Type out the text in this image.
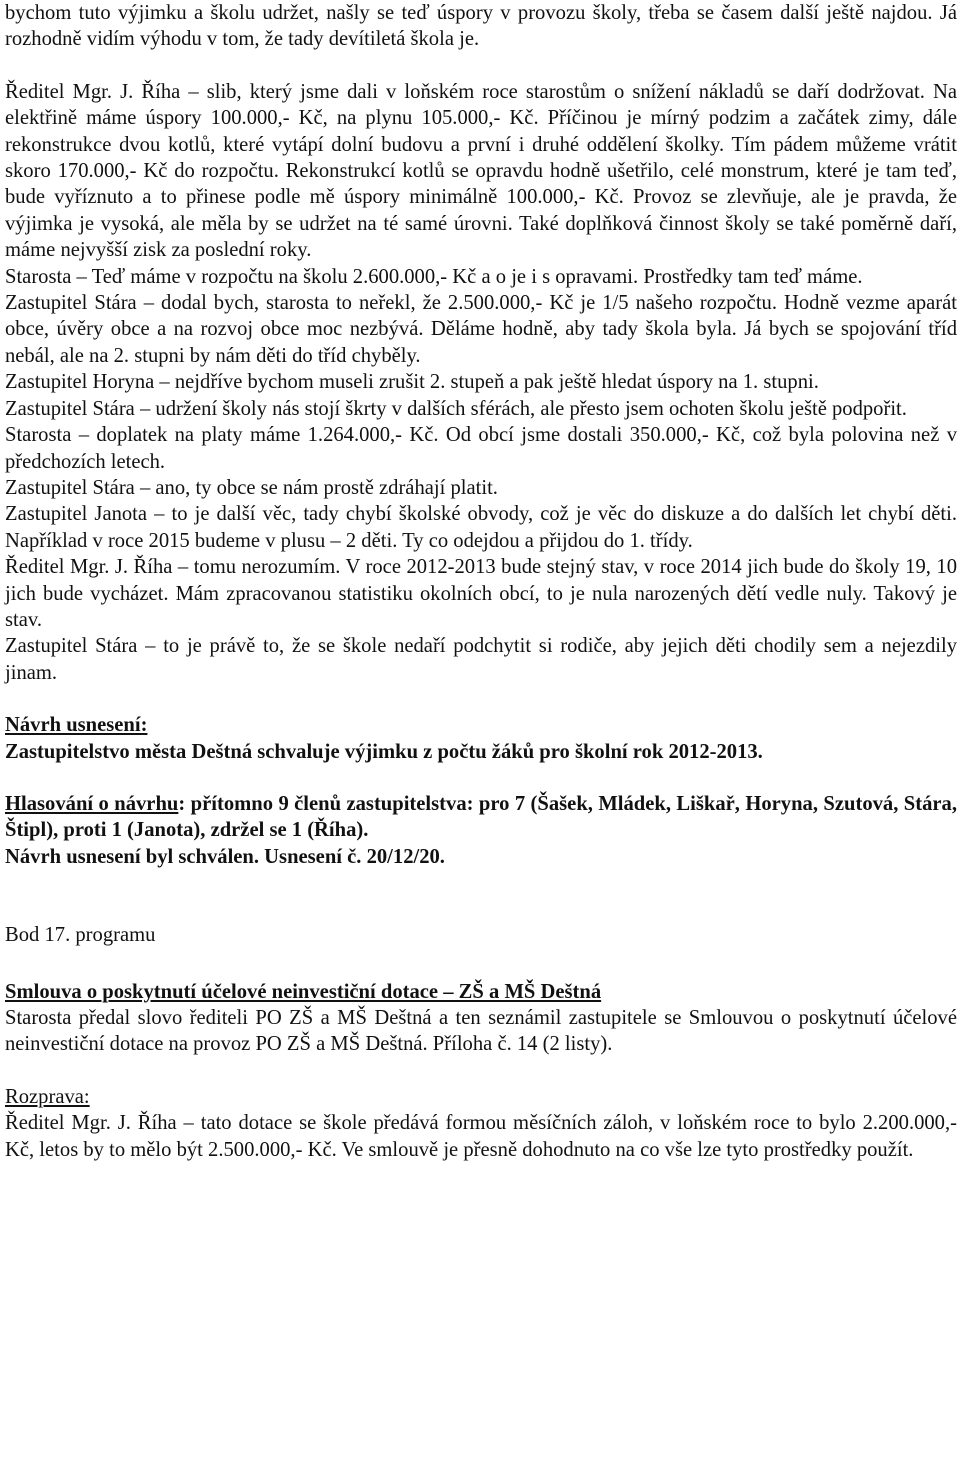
bychom tuto výjimku a školu udržet, našly se teď úspory v provozu školy, třeba se časem další ještě najdou. Já rozhodně vidím výhodu v tom, že tady devítiletá škola je.

Ředitel Mgr. J. Říha – slib, který jsme dali v loňském roce starostům o snížení nákladů se daří dodržovat. Na elektřině máme úspory 100.000,- Kč, na plynu 105.000,- Kč. Příčinou je mírný podzim a začátek zimy, dále rekonstrukce dvou kotlů, které vytápí dolní budovu a první i druhé oddělení školky. Tím pádem můžeme vrátit skoro 170.000,- Kč do rozpočtu. Rekonstrukcí kotlů se opravdu hodně ušetřilo, celé monstrum, které je tam teď, bude vyříznuto a to přinese podle mě úspory minimálně 100.000,- Kč. Provoz se zlevňuje, ale je pravda, že výjimka je vysoká, ale měla by se udržet na té samé úrovni. Také doplňková činnost školy se také poměrně daří, máme nejvyšší zisk za poslední roky.

Starosta – Teď máme v rozpočtu na školu 2.600.000,- Kč a o je i s opravami. Prostředky tam teď máme.

Zastupitel Stára – dodal bych, starosta to neřekl, že 2.500.000,- Kč je 1/5 našeho rozpočtu. Hodně vezme aparát obce, úvěry obce a na rozvoj obce moc nezbývá. Děláme hodně, aby tady škola byla. Já bych se spojování tříd nebál, ale na 2. stupni by nám děti do tříd chyběly.

Zastupitel Horyna – nejdříve bychom museli zrušit 2. stupeň a pak ještě hledat úspory na 1. stupni.

Zastupitel Stára – udržení školy nás stojí škrty v dalších sférách, ale přesto jsem ochoten školu ještě podpořit.

Starosta – doplatek na platy máme 1.264.000,- Kč. Od obcí jsme dostali 350.000,- Kč, což byla polovina než v předchozích letech.

Zastupitel Stára – ano, ty obce se nám prostě zdráhají platit.

Zastupitel Janota – to je další věc, tady chybí školské obvody, což je věc do diskuze a do dalších let chybí děti. Například v roce 2015 budeme v plusu – 2 děti. Ty co odejdou a přijdou do 1. třídy.

Ředitel Mgr. J. Říha – tomu nerozumím. V roce 2012-2013 bude stejný stav, v roce 2014 jich bude do školy 19, 10 jich bude vycházet. Mám zpracovanou statistiku okolních obcí, to je nula narozených dětí vedle nuly. Takový je stav.

Zastupitel Stára – to je právě to, že se škole nedaří podchytit si rodiče, aby jejich děti chodily sem a nejezdily jinam.

Návrh usnesení:

Zastupitelstvo města Deštná schvaluje výjimku z počtu žáků pro školní rok 2012-2013.

Hlasování o návrhu: přítomno 9 členů zastupitelstva: pro 7 (Šašek, Mládek, Liškař, Horyna, Szutová, Stára, Štipl), proti 1 (Janota), zdržel se 1 (Říha).

Návrh usnesení byl schválen. Usnesení č. 20/12/20.

Bod 17. programu

Smlouva o poskytnutí účelové neinvestiční dotace – ZŠ a MŠ Deštná

Starosta předal slovo řediteli PO ZŠ a MŠ Deštná a ten seznámil zastupitele se Smlouvou o poskytnutí účelové neinvestiční dotace na provoz PO ZŠ a MŠ Deštná. Příloha č. 14 (2 listy).

Rozprava:

Ředitel Mgr. J. Říha – tato dotace se škole předává formou měsíčních záloh, v loňském roce to bylo 2.200.000,- Kč, letos by to mělo být 2.500.000,- Kč. Ve smlouvě je přesně dohodnuto na co vše lze tyto prostředky použít.
